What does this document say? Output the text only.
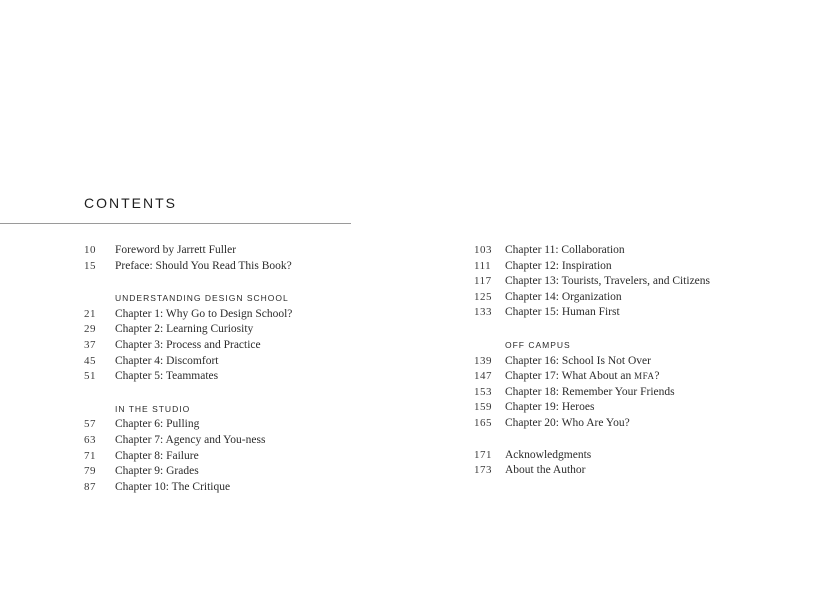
CONTENTS
10	Foreword by Jarrett Fuller
15	Preface: Should You Read This Book?
UNDERSTANDING DESIGN SCHOOL
21	Chapter 1: Why Go to Design School?
29	Chapter 2: Learning Curiosity
37	Chapter 3: Process and Practice
45	Chapter 4: Discomfort
51	Chapter 5: Teammates
IN THE STUDIO
57	Chapter 6: Pulling
63	Chapter 7: Agency and You-ness
71	Chapter 8: Failure
79	Chapter 9: Grades
87	Chapter 10: The Critique
103	Chapter 11: Collaboration
111	Chapter 12: Inspiration
117	Chapter 13: Tourists, Travelers, and Citizens
125	Chapter 14: Organization
133	Chapter 15: Human First
OFF CAMPUS
139	Chapter 16: School Is Not Over
147	Chapter 17: What About an MFA?
153	Chapter 18: Remember Your Friends
159	Chapter 19: Heroes
165	Chapter 20: Who Are You?
171	Acknowledgments
173	About the Author
